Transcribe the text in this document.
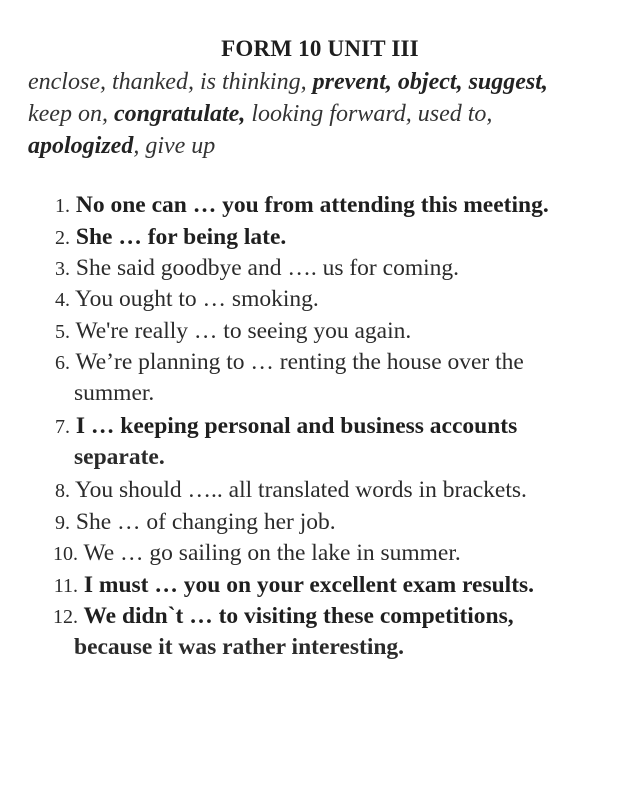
FORM 10 UNIT III
enclose, thanked, is thinking, prevent, object, suggest,
keep on, congratulate, looking forward, used to,
apologized, give up
1. No one can … you from attending this meeting.
2. She … for being late.
3. She said goodbye and …. us for coming.
4. You ought to … smoking.
5. We're really … to seeing you again.
6. We’re planning to … renting the house over the
summer.
7. I … keeping personal and business accounts
separate.
8. You should ….. all translated words in brackets.
9. She … of changing her job.
10. We … go sailing on the lake in summer.
11. I must … you on your excellent exam results.
12. We didn`t … to visiting these competitions,
because it was rather interesting.
